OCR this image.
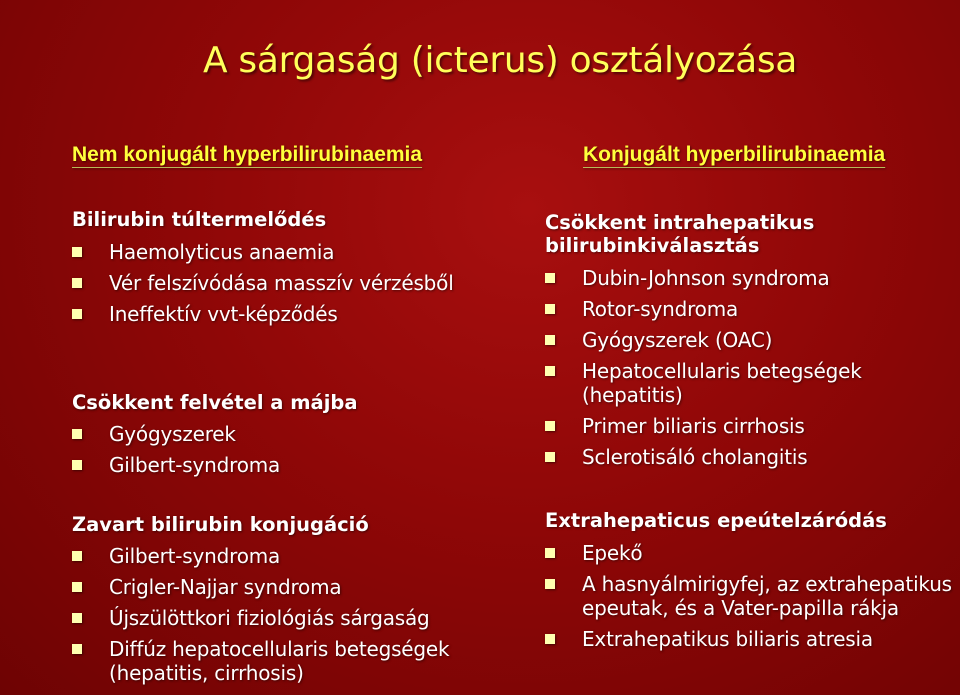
A sárgaság (icterus) osztályozása
Nem konjugált hyperbilirubinaemia	Konjugált hyperbilirubinaemia
Bilirubin túltermelődés
Haemolyticus anaemia
Vér felszívódása masszív vérzésből
Ineffektív vvt-képződés
Csökkent felvétel a májba
Gyógyszerek
Gilbert-syndroma
Zavart bilirubin konjugáció
Gilbert-syndroma
Crigler-Najjar syndroma
Újszülöttkori fiziológiás sárgaság
Diffúz hepatocellularis betegségek (hepatitis, cirrhosis)
Csökkent intrahepatikus bilirubinkiválasztás
Dubin-Johnson syndroma
Rotor-syndroma
Gyógyszerek (OAC)
Hepatocellularis betegségek (hepatitis)
Primer biliaris cirrhosis
Sclerotisáló cholangitis
Extrahepaticus epeútelzáródás
Epekő
A hasnyálmirigyfej, az extrahepatikus epeutak, és a Vater-papilla rákja
Extrahepatikus biliaris atresia
